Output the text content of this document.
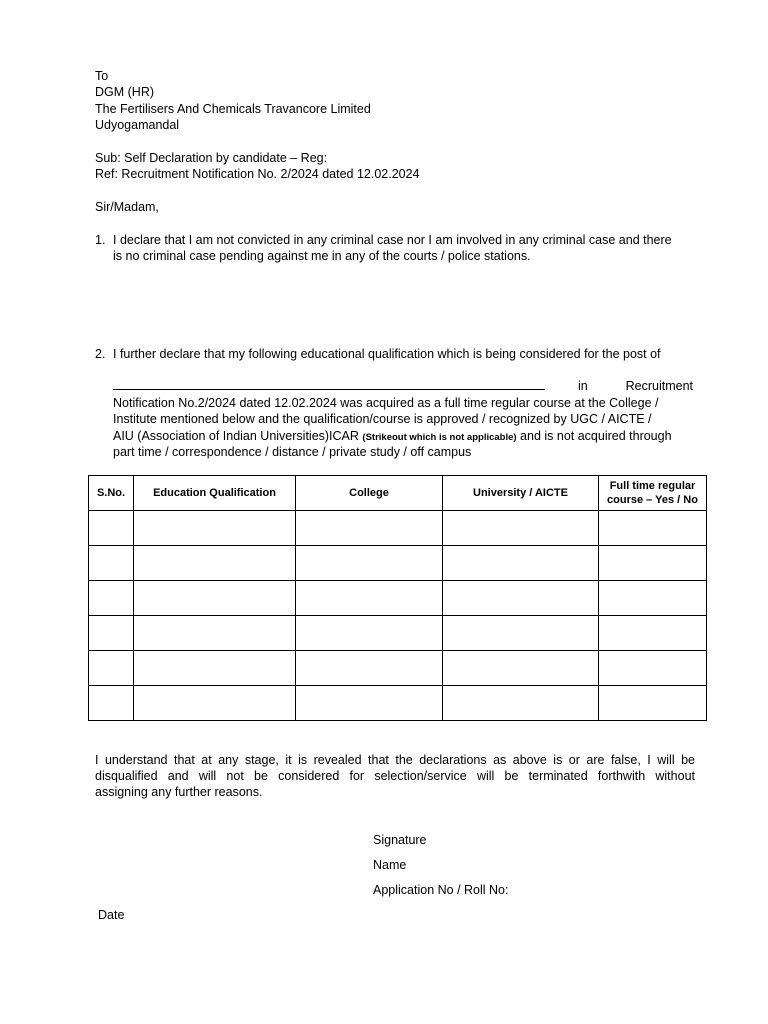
To
DGM (HR)
The Fertilisers And Chemicals Travancore Limited
Udyogamandal
Sub: Self Declaration by candidate – Reg:
Ref: Recruitment Notification No. 2/2024 dated 12.02.2024
Sir/Madam,
1. I declare that I am not convicted in any criminal case nor I am involved in any criminal case and there
is no criminal case pending against me in any of the courts / police stations.
2. I further declare that my following educational qualification which is being considered for the post of
in	Recruitment
Notification No.2/2024 dated 12.02.2024 was acquired as a full time regular course at the College /
Institute mentioned below and the qualification/course is approved / recognized by UGC / AICTE /
AIU (Association of Indian Universities)ICAR (Strikeout which is not applicable) and is not acquired through
part time / correspondence / distance / private study / off campus
S.No.	Education Qualification	College	University / AICTE	Full time regular
course – Yes / No

I understand that at any stage, it is revealed that the declarations as above is or are false, I will be
disqualified and will not be considered for selection/service will be terminated forthwith without
assigning any further reasons.
Signature
Name
Application No / Roll No:
Date
